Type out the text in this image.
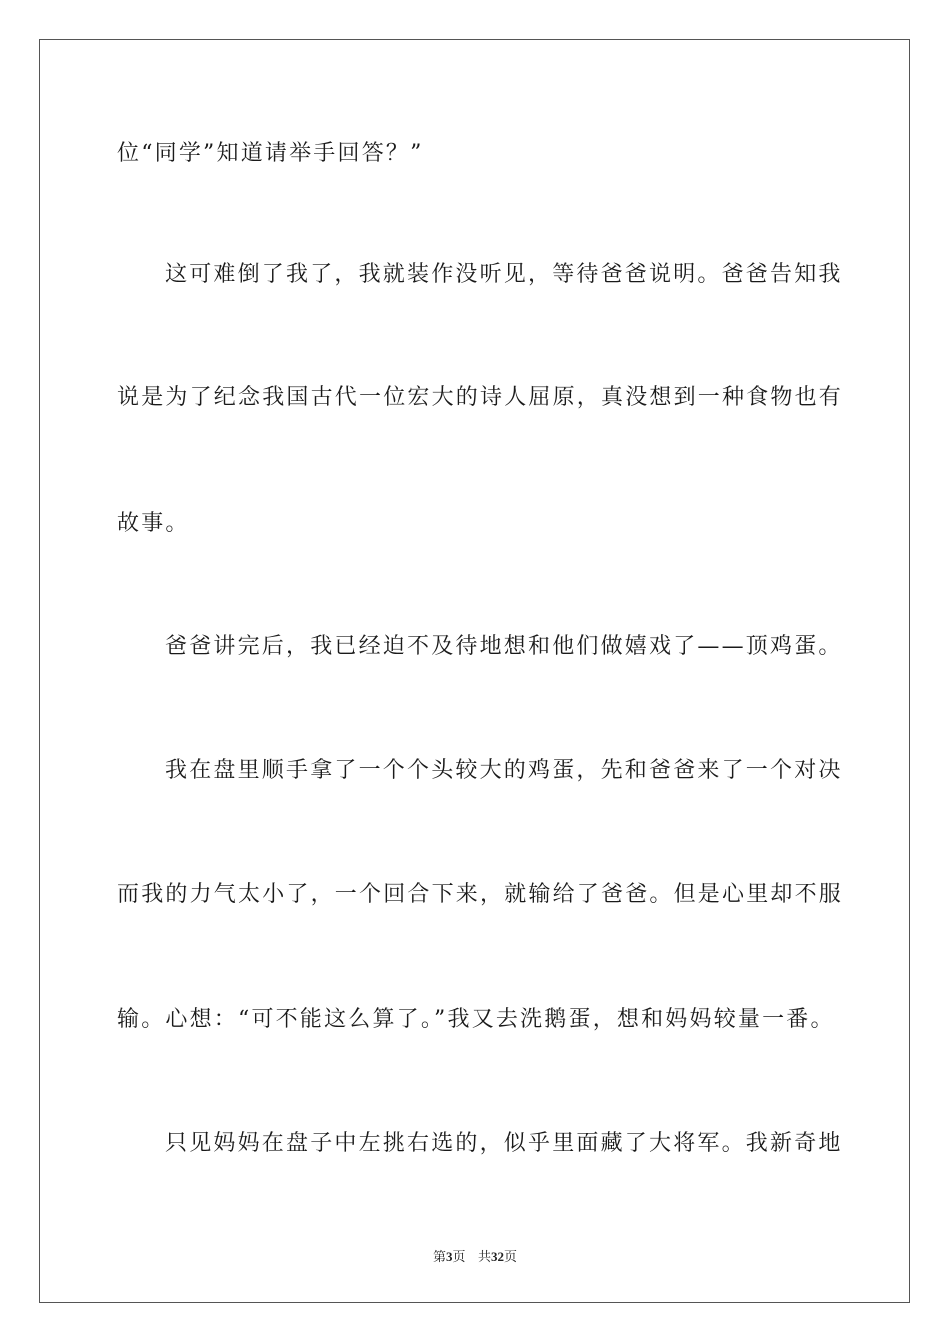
位“同学”知道请举手回答？”
这可难倒了我了，我就装作没听见，等待爸爸说明。爸爸告知我
说是为了纪念我国古代一位宏大的诗人屈原，真没想到一种食物也有
故事。
爸爸讲完后，我已经迫不及待地想和他们做嬉戏了——顶鸡蛋。
我在盘里顺手拿了一个个头较大的鸡蛋，先和爸爸来了一个对决
而我的力气太小了，一个回合下来，就输给了爸爸。但是心里却不服
输。心想：“可不能这么算了。”我又去洗鹅蛋，想和妈妈较量一番。
只见妈妈在盘子中左挑右选的，似乎里面藏了大将军。我新奇地
第3页 共32页
